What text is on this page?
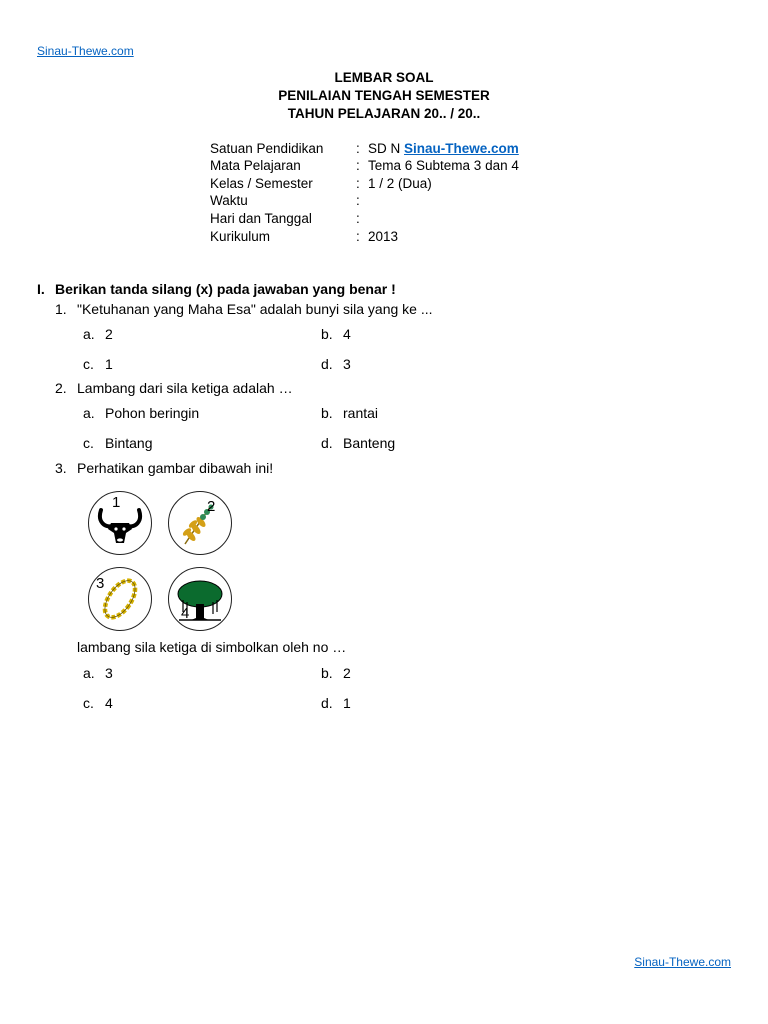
Sinau-Thewe.com
LEMBAR SOAL
PENILAIAN TENGAH SEMESTER
TAHUN PELAJARAN 20.. / 20..
Satuan Pendidikan : SD N Sinau-Thewe.com
Mata Pelajaran	: Tema 6 Subtema 3 dan 4
Kelas / Semester	: 1 / 2 (Dua)
Waktu	:
Hari dan Tanggal	:
Kurikulum	: 2013
I. Berikan tanda silang (x) pada jawaban yang benar !
1. "Ketuhanan yang Maha Esa" adalah bunyi sila yang ke ...
a. 2	b. 4
c. 1	d. 3
2. Lambang dari sila ketiga adalah …
a. Pohon beringin	b. rantai
c. Bintang	d. Banteng
3. Perhatikan gambar dibawah ini!
1	2
3
4
lambang sila ketiga di simbolkan oleh no …
a. 3	b. 2
c. 4	d. 1
Sinau-Thewe.com
